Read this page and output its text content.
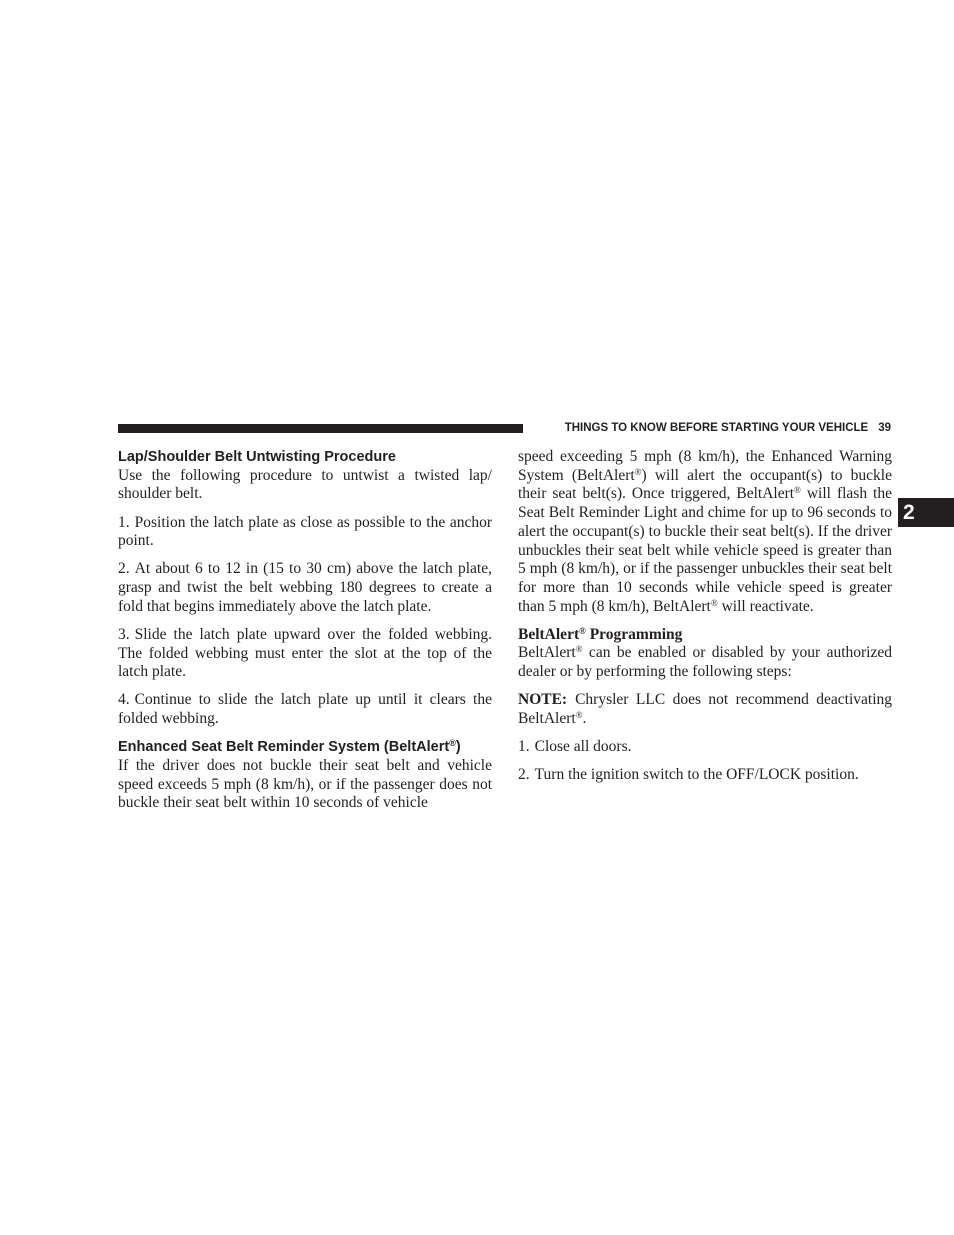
THINGS TO KNOW BEFORE STARTING YOUR VEHICLE 39
2
Lap/Shoulder Belt Untwisting Procedure

Use the following procedure to untwist a twisted lap/ shoulder belt.

1. Position the latch plate as close as possible to the anchor point.

2. At about 6 to 12 in (15 to 30 cm) above the latch plate, grasp and twist the belt webbing 180 degrees to create a fold that begins immediately above the latch plate.

3. Slide the latch plate upward over the folded webbing. The folded webbing must enter the slot at the top of the latch plate.

4. Continue to slide the latch plate up until it clears the folded webbing.

Enhanced Seat Belt Reminder System (BeltAlert®)

If the driver does not buckle their seat belt and vehicle speed exceeds 5 mph (8 km/h), or if the passenger does not buckle their seat belt within 10 seconds of vehicle

speed exceeding 5 mph (8 km/h), the Enhanced Warning System (BeltAlert®) will alert the occupant(s) to buckle their seat belt(s). Once triggered, BeltAlert® will flash the Seat Belt Reminder Light and chime for up to 96 seconds to alert the occupant(s) to buckle their seat belt(s). If the driver unbuckles their seat belt while vehicle speed is greater than 5 mph (8 km/h), or if the passenger unbuckles their seat belt for more than 10 seconds while vehicle speed is greater than 5 mph (8 km/h), BeltAlert® will reactivate.

BeltAlert® Programming

BeltAlert® can be enabled or disabled by your authorized dealer or by performing the following steps:

NOTE: Chrysler LLC does not recommend deactivating BeltAlert®.

1. Close all doors.

2. Turn the ignition switch to the OFF/LOCK position.
